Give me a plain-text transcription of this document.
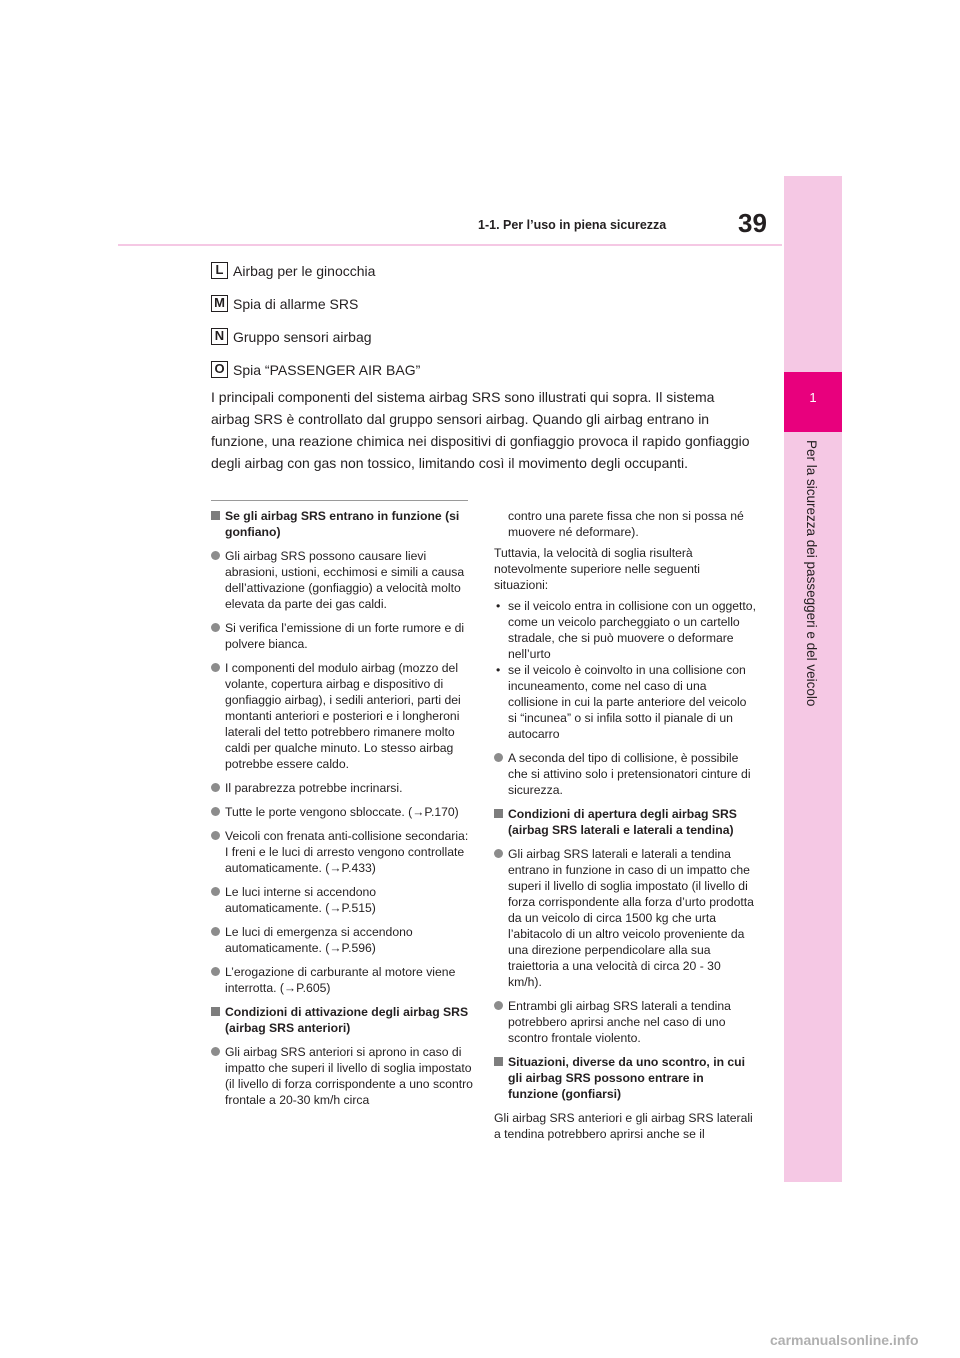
1
Per la sicurezza dei passeggeri e del veicolo
39
1-1. Per l’uso in piena sicurezza
L Airbag per le ginocchia
M Spia di allarme SRS
N Gruppo sensori airbag
O Spia “PASSENGER AIR BAG”
I principali componenti del sistema airbag SRS sono illustrati qui sopra. Il sistema airbag SRS è controllato dal gruppo sensori airbag. Quando gli airbag entrano in funzione, una reazione chimica nei dispositivi di gonfiaggio provoca il rapido gonfiaggio degli airbag con gas non tossico, limitando così il movimento degli occupanti.
Se gli airbag SRS entrano in funzione (si gonfiano)
Gli airbag SRS possono causare lievi abrasioni, ustioni, ecchimosi e simili a causa dell’attivazione (gonfiaggio) a velocità molto elevata da parte dei gas caldi.
Si verifica l’emissione di un forte rumore e di polvere bianca.
I componenti del modulo airbag (mozzo del volante, copertura airbag e dispositivo di gonfiaggio airbag), i sedili anteriori, parti dei montanti anteriori e posteriori e i longheroni laterali del tetto potrebbero rimanere molto caldi per qualche minuto. Lo stesso airbag potrebbe essere caldo.
Il parabrezza potrebbe incrinarsi.
Tutte le porte vengono sbloccate. (→P.170)
Veicoli con frenata anti-collisione secondaria: I freni e le luci di arresto vengono controllate automaticamente. (→P.433)
Le luci interne si accendono automaticamente. (→P.515)
Le luci di emergenza si accendono automaticamente. (→P.596)
L’erogazione di carburante al motore viene interrotta. (→P.605)
Condizioni di attivazione degli airbag SRS (airbag SRS anteriori)
Gli airbag SRS anteriori si aprono in caso di impatto che superi il livello di soglia impostato (il livello di forza corrispondente a uno scontro frontale a 20-30 km/h circa
contro una parete fissa che non si possa né muovere né deformare).
Tuttavia, la velocità di soglia risulterà notevolmente superiore nelle seguenti situazioni:
• se il veicolo entra in collisione con un oggetto, come un veicolo parcheggiato o un cartello stradale, che si può muovere o deformare nell’urto
• se il veicolo è coinvolto in una collisione con incuneamento, come nel caso di una collisione in cui la parte anteriore del veicolo si “incunea” o si infila sotto il pianale di un autocarro
A seconda del tipo di collisione, è possibile che si attivino solo i pretensionatori cinture di sicurezza.
Condizioni di apertura degli airbag SRS (airbag SRS laterali e laterali a tendina)
Gli airbag SRS laterali e laterali a tendina entrano in funzione in caso di un impatto che superi il livello di soglia impostato (il livello di forza corrispondente alla forza d’urto prodotta da un veicolo di circa 1500 kg che urta l’abitacolo di un altro veicolo proveniente da una direzione perpendicolare alla sua traiettoria a una velocità di circa 20 - 30 km/h).
Entrambi gli airbag SRS laterali a tendina potrebbero aprirsi anche nel caso di uno scontro frontale violento.
Situazioni, diverse da uno scontro, in cui gli airbag SRS possono entrare in funzione (gonfiarsi)
Gli airbag SRS anteriori e gli airbag SRS laterali a tendina potrebbero aprirsi anche se il
carmanualsonline.info
